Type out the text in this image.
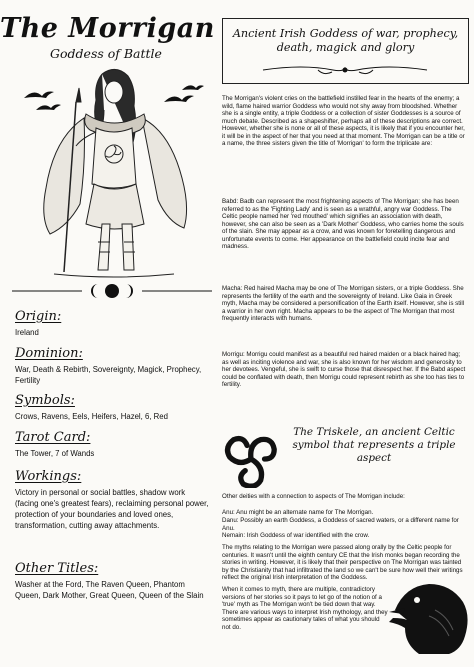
The Morrigan
Goddess of Battle
Origin:
Ireland
Dominion:
War, Death & Rebirth, Sovereignty, Magick, Prophecy, Fertility
Symbols:
Crows, Ravens, Eels, Heifers, Hazel, 6, Red
Tarot Card:
The Tower, 7 of Wands
Workings:
Victory in personal or social battles, shadow work (facing one's greatest fears), reclaiming personal power, protection of your boundaries and loved ones, transformation, cutting away attachments.
Other Titles:
Washer at the Ford, The Raven Queen, Phantom Queen, Dark Mother, Great Queen, Queen of the Slain
Ancient Irish Goddess of war, prophecy, death, magick and glory
The Morrigan's violent cries on the battlefield instilled fear in the hearts of the enemy; a wild, flame haired warrior Goddess who would not shy away from bloodshed. Whether she is a single entity, a triple Goddess or a collection of sister Goddesses is a source of much debate. Described as a shapeshifter, perhaps all of these descriptions are correct. However, whether she is none or all of these aspects, it is likely that if you encounter her, it will be in the aspect of her that you need at that moment. The Morrigan can be a title or a name, the three sisters given the title of 'Morrigan' to form the triplicate are:
Babd: Badb can represent the most frightening aspects of The Morrigan; she has been referred to as the 'Fighting Lady' and is seen as a wrathful, angry war Goddess. The Celtic people named her 'red mouthed' which signifies an association with death, however, she can also be seen as a 'Dark Mother' Goddess, who carries home the souls of the slain. She may appear as a crow, and was known for foretelling dangerous and unfortunate events to come. Her appearance on the battlefield could incite fear and madness.
Macha: Red haired Macha may be one of The Morrigan sisters, or a triple Goddess. She represents the fertility of the earth and the sovereignty of Ireland. Like Gaia in Greek myth, Macha may be considered a personification of the Earth itself. However, she is still a warrior in her own right. Macha appears to be the aspect of The Morrigan that most frequently interacts with humans.
Morrigu: Morrigu could manifest as a beautiful red haired maiden or a black haired hag; as well as inciting violence and war, she is also known for her wisdom and generosity to her devotees. Vengeful, she is swift to curse those that disrespect her. If the Babd aspect could be conflated with death, then Morrigu could represent rebirth as she too has ties to fertility.
The Triskele, an ancient Celtic symbol that represents a triple aspect
Other deities with a connection to aspects of The Morrigan include:
Anu: Anu might be an alternate name for The Morrigan.
Danu: Possibly an earth Goddess, a Goddess of sacred waters, or a different name for Anu.
Nemain: Irish Goddess of war identified with the crow.
The myths relating to the Morrigan were passed along orally by the Celtic people for centuries. It wasn't until the eighth century CE that the Irish monks began recording the stories in writing. However, it is likely that their perspective on The Morrigan was tainted by the Christianity that had infiltrated the land so we can't be sure how well their writings reflect the original Irish interpretation of the Goddess.
When it comes to myth, there are multiple, contradictory versions of her stories so it pays to let go of the notion of a 'true' myth as The Morrigan won't be tied down that way. There are various ways to interpret Irish mythology, and they sometimes appear as cautionary tales of what you should not do.
